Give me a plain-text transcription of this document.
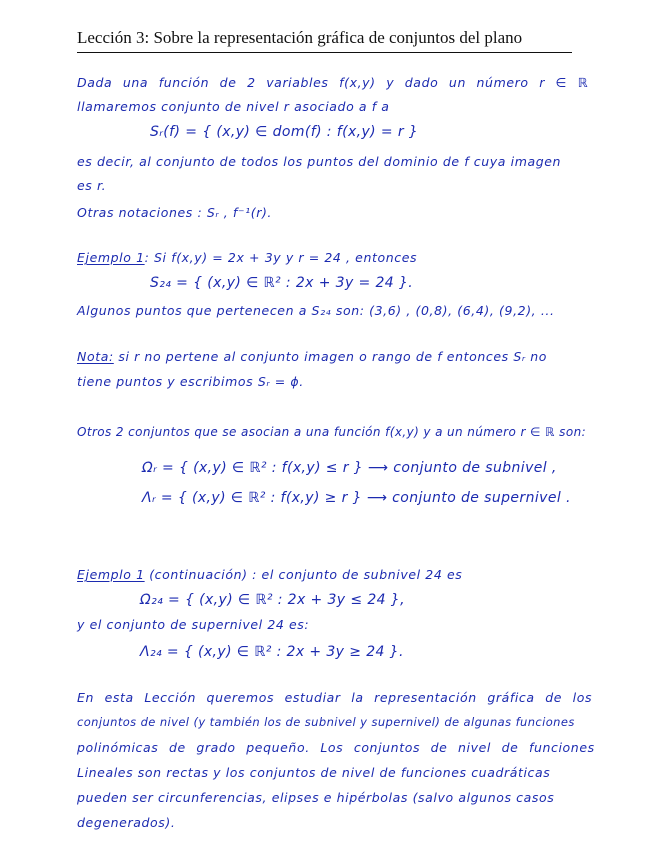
Lección 3: Sobre la representación gráfica de conjuntos del plano
Dada una función de 2 variables f(x,y) y dado un número r ∈ ℝ
llamaremos conjunto de nivel r asociado a f a
Sᵣ(f) = { (x,y) ∈ dom(f) : f(x,y) = r }
es decir, al conjunto de todos los puntos del dominio de f cuya imagen
es r.
Otras notaciones : Sᵣ , f⁻¹(r).
Ejemplo 1: Si f(x,y) = 2x + 3y y r = 24 , entonces
S₂₄ = { (x,y) ∈ ℝ² : 2x + 3y = 24 }.
Algunos puntos que pertenecen a S₂₄ son: (3,6) , (0,8), (6,4), (9,2), ...
Nota: si r no pertene al conjunto imagen o rango de f entonces Sᵣ no
tiene puntos y escribimos Sᵣ = ϕ.
Otros 2 conjuntos que se asocian a una función f(x,y) y a un número r ∈ ℝ son:
Ωᵣ = { (x,y) ∈ ℝ² : f(x,y) ≤ r } ⟶ conjunto de subnivel ,
Λᵣ = { (x,y) ∈ ℝ² : f(x,y) ≥ r } ⟶ conjunto de supernivel .
Ejemplo 1 (continuación) : el conjunto de subnivel 24 es
Ω₂₄ = { (x,y) ∈ ℝ² : 2x + 3y ≤ 24 },
y el conjunto de supernivel 24 es:
Λ₂₄ = { (x,y) ∈ ℝ² : 2x + 3y ≥ 24 }.
En esta Lección queremos estudiar la representación gráfica de los
conjuntos de nivel (y también los de subnivel y supernivel) de algunas funciones
polinómicas de grado pequeño. Los conjuntos de nivel de funciones
Lineales son rectas y los conjuntos de nivel de funciones cuadráticas
pueden ser circunferencias, elipses e hipérbolas (salvo algunos casos
degenerados).
